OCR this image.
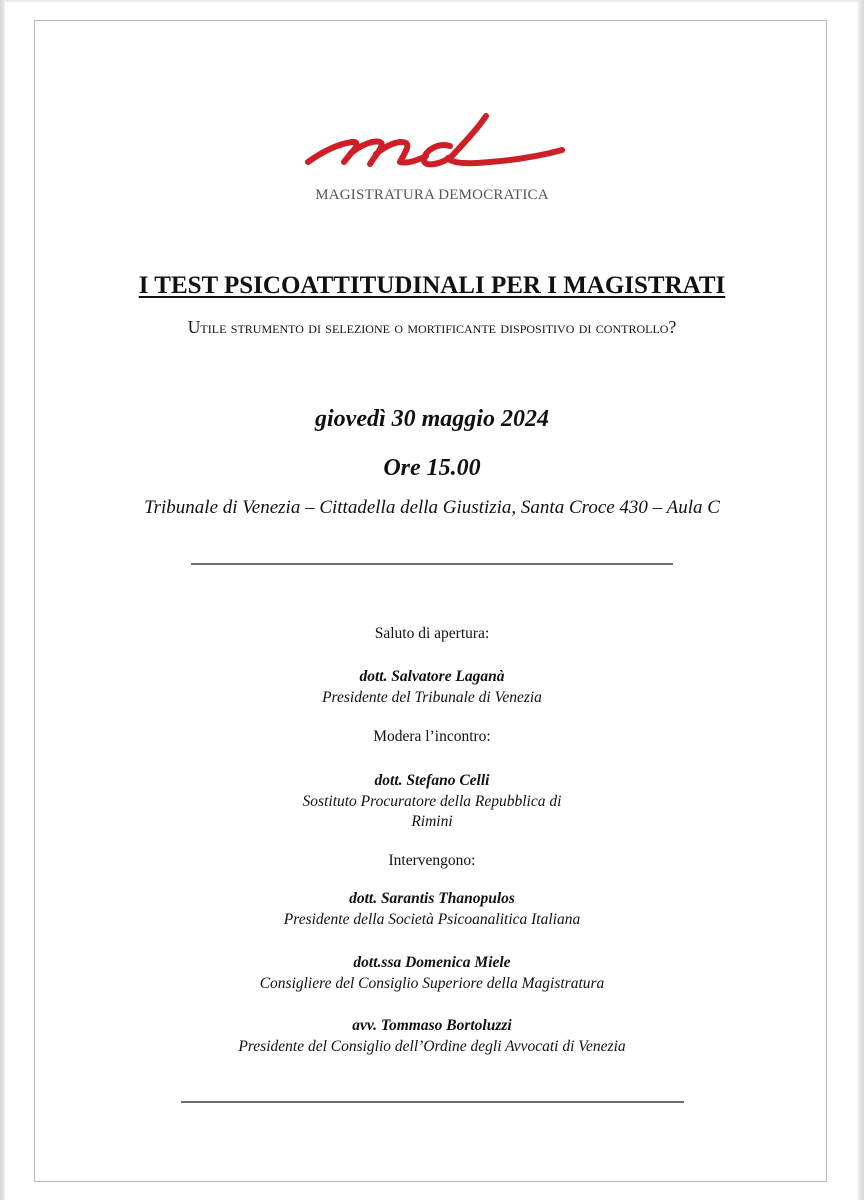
MAGISTRATURA DEMOCRATICA
I TEST PSICOATTITUDINALI PER I MAGISTRATI
Utile strumento di selezione o mortificante dispositivo di controllo?
giovedì 30 maggio 2024
Ore 15.00
Tribunale di Venezia – Cittadella della Giustizia, Santa Croce 430 – Aula C
Saluto di apertura:
dott. Salvatore Laganà
Presidente del Tribunale di Venezia
Modera l’incontro:
dott. Stefano Celli
Sostituto Procuratore della Repubblica di
Rimini
Intervengono:
dott. Sarantis Thanopulos
Presidente della Società Psicoanalitica Italiana
dott.ssa Domenica Miele
Consigliere del Consiglio Superiore della Magistratura
avv. Tommaso Bortoluzzi
Presidente del Consiglio dell’Ordine degli Avvocati di Venezia
